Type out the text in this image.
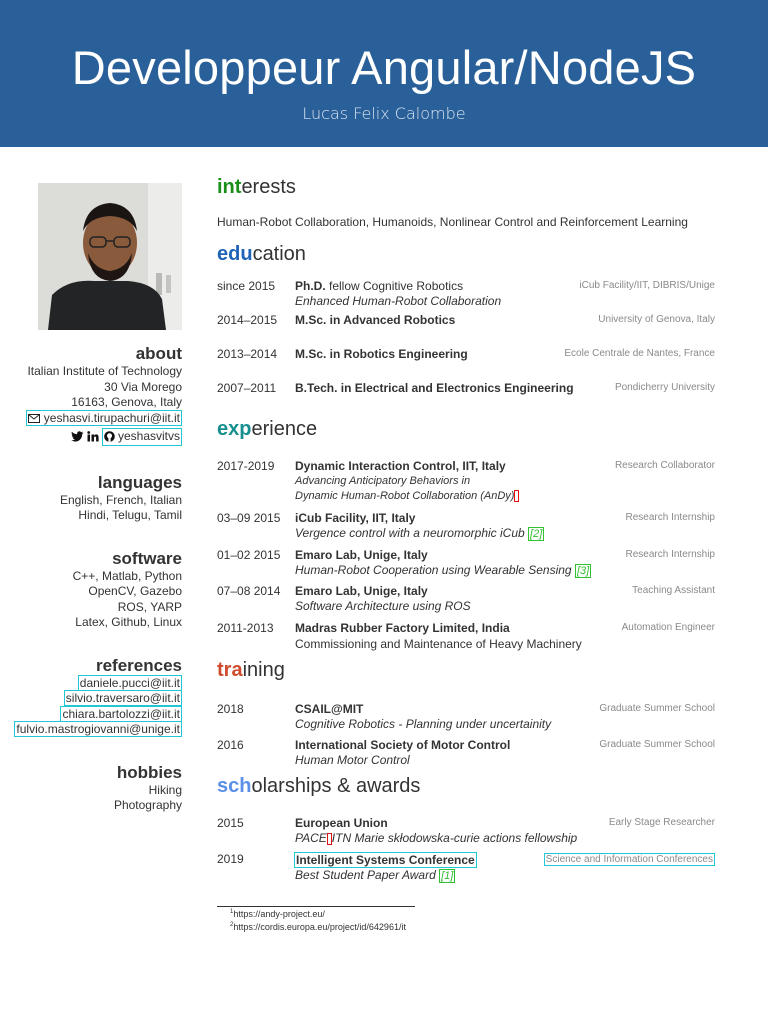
Developpeur Angular/NodeJS
Lucas Felix Calombe
about
Italian Institute of Technology
30 Via Morego
16163, Genova, Italy
yeshasvi.tirupachuri@iit.it
yeshasvitvs
languages
English, French, Italian
Hindi, Telugu, Tamil
software
C++, Matlab, Python
OpenCV, Gazebo
ROS, YARP
Latex, Github, Linux
references
daniele.pucci@iit.it
silvio.traversaro@iit.it
chiara.bartolozzi@iit.it
fulvio.mastrogiovanni@unige.it
hobbies
Hiking
Photography
interests
Human-Robot Collaboration, Humanoids, Nonlinear Control and Reinforcement Learning
education
since 2015 Ph.D. fellow Cognitive Robotics	iCub Facility/IIT, DIBRIS/Unige
Enhanced Human-Robot Collaboration
2014–2015 M.Sc. in Advanced Robotics	University of Genova, Italy
2013–2014 M.Sc. in Robotics Engineering	Ecole Centrale de Nantes, France
2007–2011 B.Tech. in Electrical and Electronics Engineering	Pondicherry University
experience
2017-2019 Dynamic Interaction Control, IIT, Italy	Research Collaborator
Advancing Anticipatory Behaviors in
Dynamic Human-Robot Collaboration (AnDy)
03–09 2015 iCub Facility, IIT, Italy	Research Internship
Vergence control with a neuromorphic iCub [2]
01–02 2015 Emaro Lab, Unige, Italy	Research Internship
Human-Robot Cooperation using Wearable Sensing [3]
07–08 2014 Emaro Lab, Unige, Italy	Teaching Assistant
Software Architecture using ROS
2011-2013 Madras Rubber Factory Limited, India	Automation Engineer
Commissioning and Maintenance of Heavy Machinery
training
2018	CSAIL@MIT	Graduate Summer School
Cognitive Robotics - Planning under uncertainity
2016	International Society of Motor Control	Graduate Summer School
Human Motor Control
scholarships & awards
2015	European Union	Early Stage Researcher
PACE ITN Marie skłodowska-curie actions fellowship
2019	Intelligent Systems Conference	Science and Information Conferences
Best Student Paper Award [1]
$^1$https://andy-project.eu/
$^2$https://cordis.europa.eu/project/id/642961/it
